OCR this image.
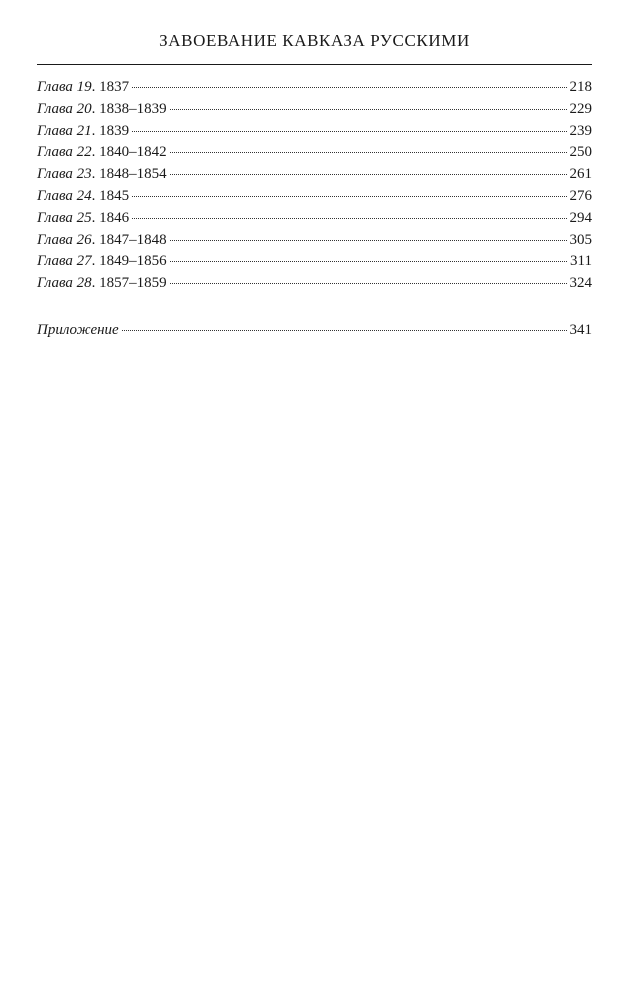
ЗАВОЕВАНИЕ КАВКАЗА РУССКИМИ
Глава 19. 1837	218
Глава 20. 1838–1839	229
Глава 21. 1839	239
Глава 22. 1840–1842	250
Глава 23. 1848–1854	261
Глава 24. 1845	276
Глава 25. 1846	294
Глава 26. 1847–1848	305
Глава 27. 1849–1856	311
Глава 28. 1857–1859	324
Приложение	341
